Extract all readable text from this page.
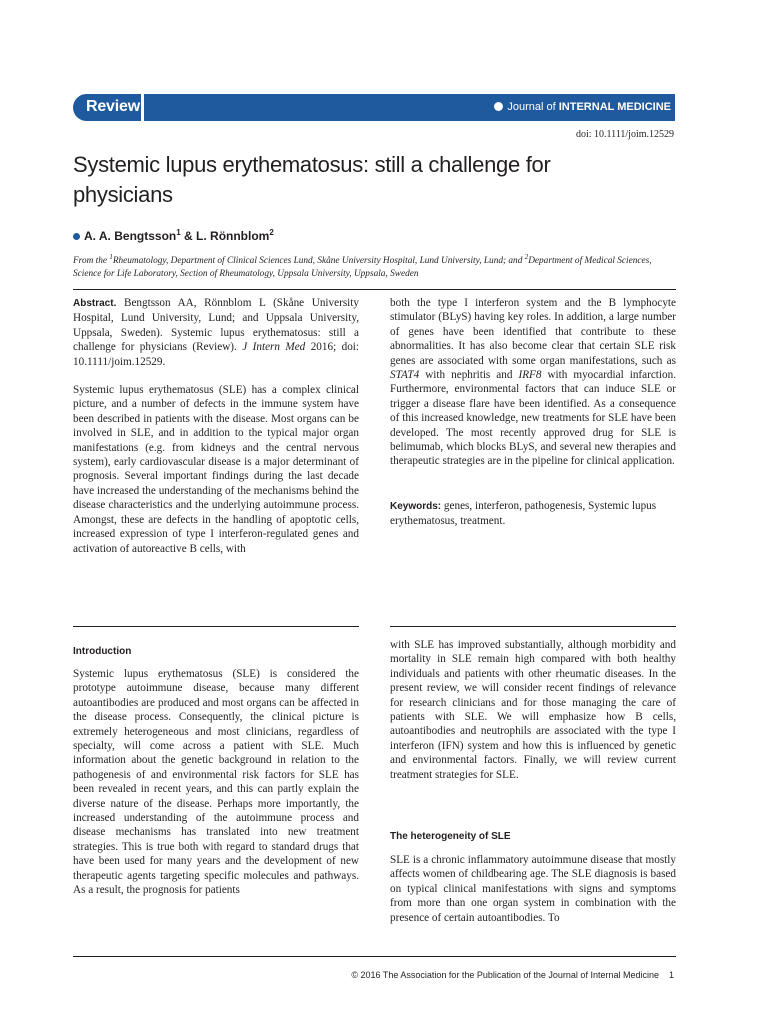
Review	Journal of INTERNAL MEDICINE
doi: 10.1111/joim.12529
Systemic lupus erythematosus: still a challenge for physicians
A. A. Bengtsson$^1$ & L. Rönnblom$^2$
From the $^1$Rheumatology, Department of Clinical Sciences Lund, Skåne University Hospital, Lund University, Lund; and $^2$Department of Medical Sciences, Science for Life Laboratory, Section of Rheumatology, Uppsala University, Uppsala, Sweden

Abstract. Bengtsson AA, Rönnblom L (Skåne University Hospital, Lund University, Lund; and Uppsala University, Uppsala, Sweden). Systemic lupus erythematosus: still a challenge for physicians (Review). J Intern Med 2016; doi: 10.1111/joim.12529.

Systemic lupus erythematosus (SLE) has a complex clinical picture, and a number of defects in the immune system have been described in patients with the disease. Most organs can be involved in SLE, and in addition to the typical major organ manifestations (e.g. from kidneys and the central nervous system), early cardiovascular disease is a major determinant of prognosis. Several important findings during the last decade have increased the understanding of the mechanisms behind the disease characteristics and the underlying autoimmune process. Amongst, these are defects in the handling of apoptotic cells, increased expression of type I interferon-regulated genes and activation of autoreactive B cells, with

both the type I interferon system and the B lymphocyte stimulator (BLyS) having key roles. In addition, a large number of genes have been identified that contribute to these abnormalities. It has also become clear that certain SLE risk genes are associated with some organ manifestations, such as STAT4 with nephritis and IRF8 with myocardial infarction. Furthermore, environmental factors that can induce SLE or trigger a disease flare have been identified. As a consequence of this increased knowledge, new treatments for SLE have been developed. The most recently approved drug for SLE is belimumab, which blocks BLyS, and several new therapies and therapeutic strategies are in the pipeline for clinical application.

Keywords: genes, interferon, pathogenesis, Systemic lupus erythematosus, treatment.

Introduction
Systemic lupus erythematosus (SLE) is considered the prototype autoimmune disease, because many different autoantibodies are produced and most organs can be affected in the disease process. Consequently, the clinical picture is extremely heterogeneous and most clinicians, regardless of specialty, will come across a patient with SLE. Much information about the genetic background in relation to the pathogenesis of and environmental risk factors for SLE has been revealed in recent years, and this can partly explain the diverse nature of the disease. Perhaps more importantly, the increased understanding of the autoimmune process and disease mechanisms has translated into new treatment strategies. This is true both with regard to standard drugs that have been used for many years and the development of new therapeutic agents targeting specific molecules and pathways. As a result, the prognosis for patients
with SLE has improved substantially, although morbidity and mortality in SLE remain high compared with both healthy individuals and patients with other rheumatic diseases. In the present review, we will consider recent findings of relevance for research clinicians and for those managing the care of patients with SLE. We will emphasize how B cells, autoantibodies and neutrophils are associated with the type I interferon (IFN) system and how this is influenced by genetic and environmental factors. Finally, we will review current treatment strategies for SLE.
The heterogeneity of SLE
SLE is a chronic inflammatory autoimmune disease that mostly affects women of childbearing age. The SLE diagnosis is based on typical clinical manifestations with signs and symptoms from more than one organ system in combination with the presence of certain autoantibodies. To
© 2016 The Association for the Publication of the Journal of Internal Medicine 1
